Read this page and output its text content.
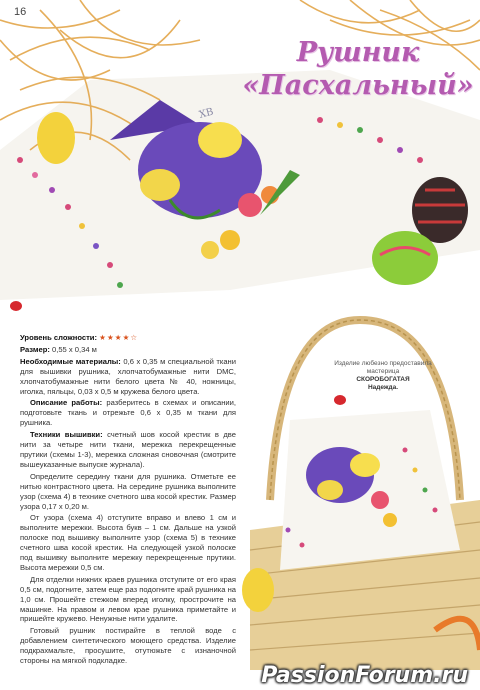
ХВ
16
Рушник
«Пасхальный»
Изделие любезно предоставила
мастерица
СКОРОБОГАТАЯ
Надежда.

Уровень сложности: ★★★★☆

Размер: 0,55 х 0,34 м

Необходимые материалы: 0,6 х 0,35 м специальной ткани для вышивки рушника, хлопчатобумажные нити DMC, хлопчатобумажные нити белого цвета № 40, ножницы, иголка, пяльцы, 0,03 х 0,5 м кружева белого цвета.

Описание работы: разберитесь в схемах и описании, подготовьте ткань и отрежьте 0,6 х 0,35 м ткани для рушника.

Техники вышивки: счетный шов косой крестик в две нити за четыре нити ткани, мережка перекрещенные прутики (схемы 1-3), мережка сложная сновочная (смотрите вышеуказанные выпуске журнала).

Определите середину ткани для рушника. Отметьте ее нитью контрастного цвета. На середине рушника выполните узор (схема 4) в технике счетного шва косой крестик. Размер узора 0,17 х 0,20 м.

От узора (схема 4) отступите вправо и влево 1 см и выполните мережки. Высота букв – 1 см. Дальше на узкой полоске под вышивку выполните узор (схема 5) в технике счетного шва косой крестик. На следующей узкой полоске под вышивку выполните мережку перекрещенные прутики. Высота мережки 0,5 см.

Для отделки нижних краев рушника отступите от его края 0,5 см, подогните, затем еще раз подогните край рушника на 1,0 см. Прошейте стежком вперед иголку, прострочите на машинке. На правом и левом крае рушника приметайте и пришейте кружево. Ненужные нити удалите.

Готовый рушник постирайте в теплой воде с добавлением синтетического моющего средства. Изделие подкрахмальте, просушите, отутюжьте с изнаночной стороны на мягкой подкладке.

PassionForum.ru
